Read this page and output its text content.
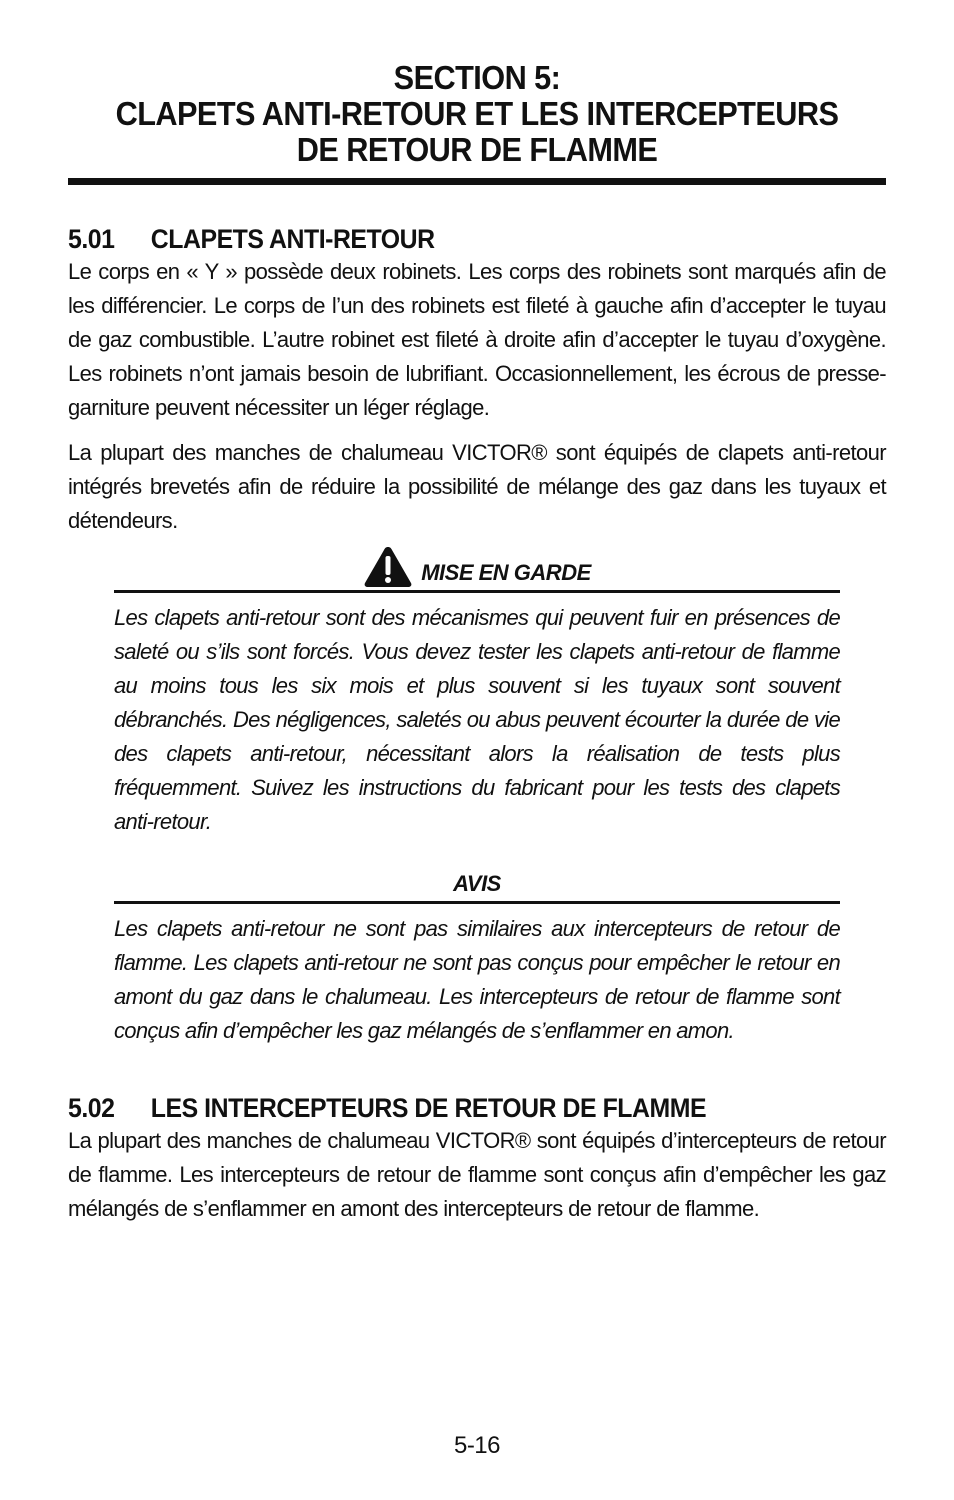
SECTION 5:
CLAPETS ANTI-RETOUR ET LES INTERCEPTEURS
DE RETOUR DE FLAMME
5.01 CLAPETS ANTI-RETOUR

Le corps en « Y » possède deux robinets. Les corps des robinets sont marqués afin de les différencier. Le corps de l’un des robinets est fileté à gauche afin d’accepter le tuyau de gaz combustible. L’autre robinet est fileté à droite afin d’accepter le tuyau d’oxygène. Les robinets n’ont jamais besoin de lubrifiant. Occasionnellement, les écrous de presse-garniture peuvent nécessiter un léger réglage.

La plupart des manches de chalumeau VICTOR® sont équipés de clapets anti-retour intégrés brevetés afin de réduire la possibilité de mélange des gaz dans les tuyaux et détendeurs.

MISE EN GARDE

Les clapets anti-retour sont des mécanismes qui peuvent fuir en présences de saleté ou s’ils sont forcés. Vous devez tester les clapets anti-retour de flamme au moins tous les six mois et plus souvent si les tuyaux sont souvent débranchés. Des négligences, saletés ou abus peuvent écourter la durée de vie des clapets anti-retour, nécessitant alors la réalisation de tests plus fréquemment. Suivez les instructions du fabricant pour les tests des clapets anti-retour.

AVIS

Les clapets anti-retour ne sont pas similaires aux intercepteurs de retour de flamme. Les clapets anti-retour ne sont pas conçus pour empêcher le retour en amont du gaz dans le chalumeau. Les intercepteurs de retour de flamme sont conçus afin d’empêcher les gaz mélangés de s’enflammer en amon.

5.02 LES INTERCEPTEURS DE RETOUR DE FLAMME

La plupart des manches de chalumeau VICTOR® sont équipés d’intercepteurs de retour de flamme. Les intercepteurs de retour de flamme sont conçus afin d’empêcher les gaz mélangés de s’enflammer en amont des intercepteurs de retour de flamme.

5-16
